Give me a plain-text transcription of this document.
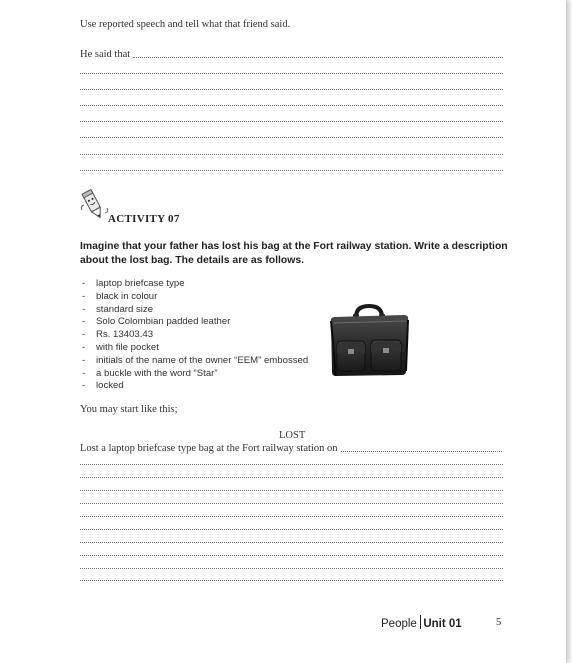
Use reported speech and tell what that friend said.
He said that
ACTIVITY 07
Imagine that your father has lost his bag at the Fort railway station. Write a description about the lost bag. The details are as follows.
- laptop briefcase type
- black in colour
- standard size
- Solo Colombian padded leather
- Rs. 13403.43
- with file pocket
- initials of the name of the owner “EEM” embossed
- a buckle with the word “Star”
- locked
You may start like this;
LOST
Lost a laptop briefcase type bag at the Fort railway station on
People Unit 01	5
